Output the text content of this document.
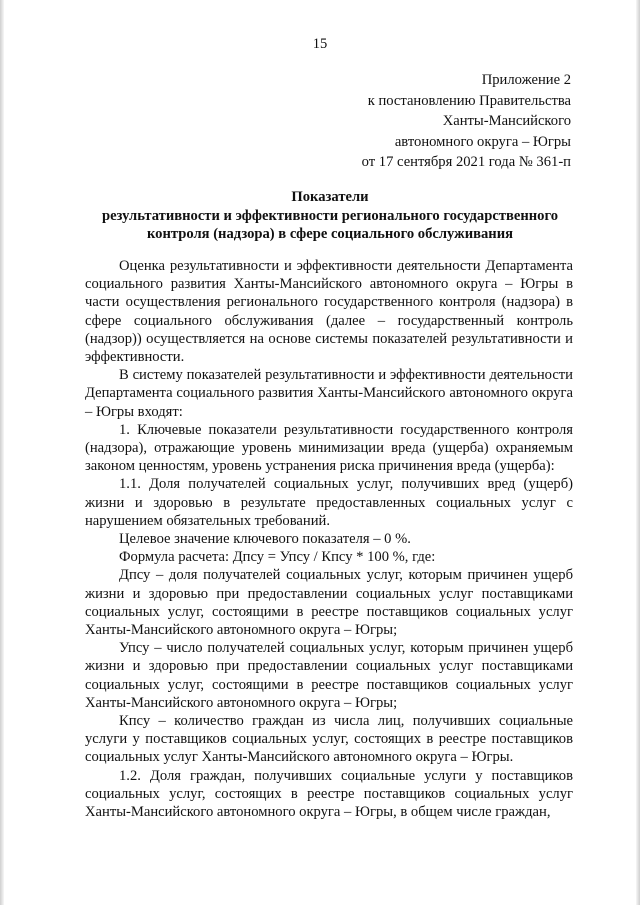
15
Приложение 2
к постановлению Правительства
Ханты-Мансийского
автономного округа – Югры
от 17 сентября 2021 года № 361-п
Показатели
результативности и эффективности регионального государственного
контроля (надзора) в сфере социального обслуживания

Оценка результативности и эффективности деятельности Департамента социального развития Ханты-Мансийского автономного округа – Югры в части осуществления регионального государственного контроля (надзора) в сфере социального обслуживания (далее – государственный контроль (надзор)) осуществляется на основе системы показателей результативности и эффективности.

В систему показателей результативности и эффективности деятельности Департамента социального развития Ханты-Мансийского автономного округа – Югры входят:

1. Ключевые показатели результативности государственного контроля (надзора), отражающие уровень минимизации вреда (ущерба) охраняемым законом ценностям, уровень устранения риска причинения вреда (ущерба):

1.1. Доля получателей социальных услуг, получивших вред (ущерб) жизни и здоровью в результате предоставленных социальных услуг с нарушением обязательных требований.

Целевое значение ключевого показателя – 0 %.

Формула расчета: Дпсу = Упсу / Кпсу * 100 %, где:

Дпсу – доля получателей социальных услуг, которым причинен ущерб жизни и здоровью при предоставлении социальных услуг поставщиками социальных услуг, состоящими в реестре поставщиков социальных услуг Ханты-Мансийского автономного округа – Югры;

Упсу – число получателей социальных услуг, которым причинен ущерб жизни и здоровью при предоставлении социальных услуг поставщиками социальных услуг, состоящими в реестре поставщиков социальных услуг Ханты-Мансийского автономного округа – Югры;

Кпсу – количество граждан из числа лиц, получивших социальные услуги у поставщиков социальных услуг, состоящих в реестре поставщиков социальных услуг Ханты-Мансийского автономного округа – Югры.

1.2. Доля граждан, получивших социальные услуги у поставщиков социальных услуг, состоящих в реестре поставщиков социальных услуг Ханты-Мансийского автономного округа – Югры, в общем числе граждан,
